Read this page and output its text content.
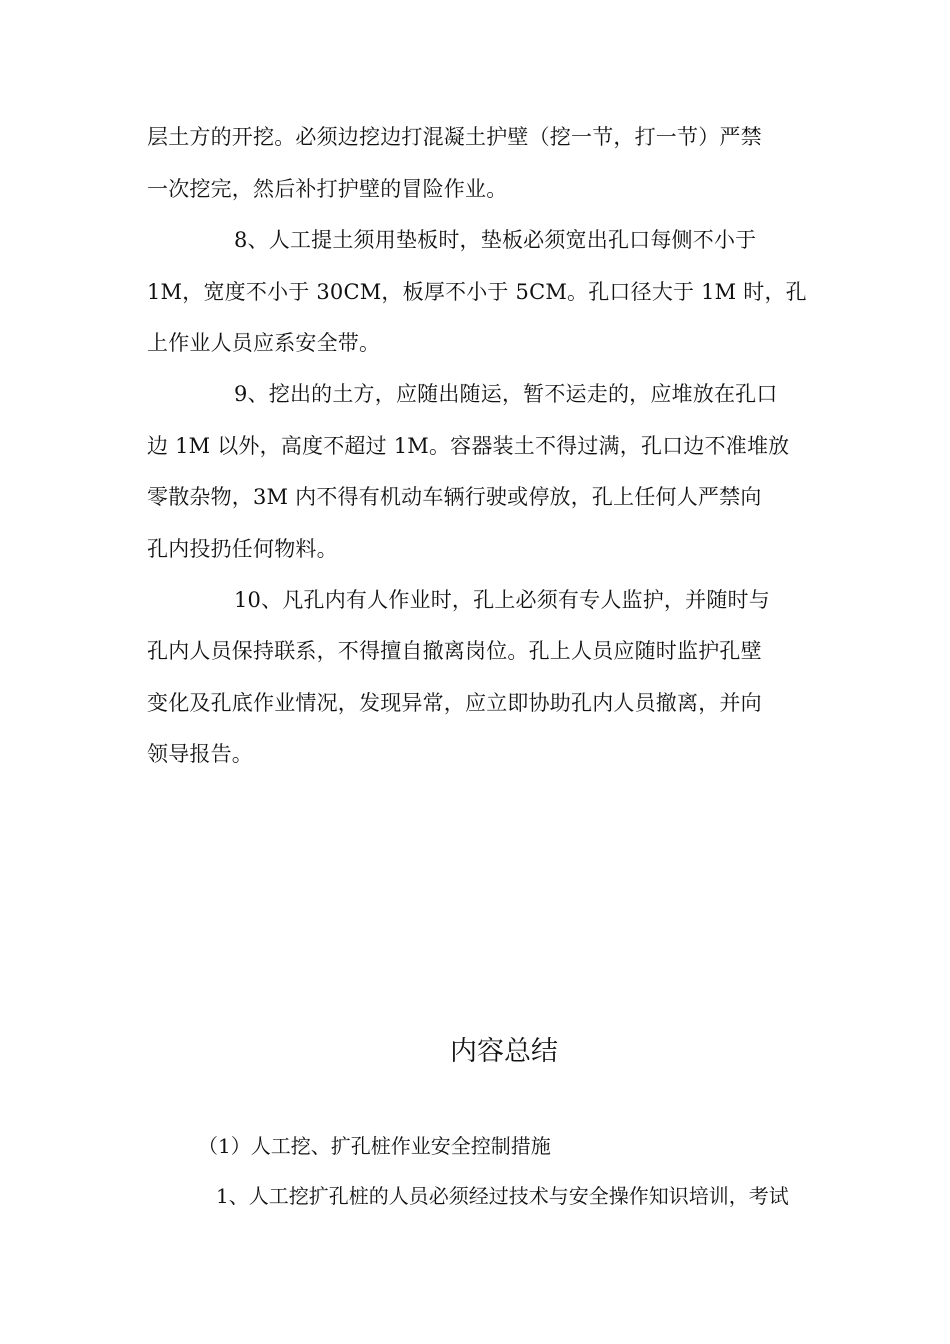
层土方的开挖。必须边挖边打混凝土护壁（挖一节，打一节）严禁
一次挖完，然后补打护壁的冒险作业。
8、人工提土须用垫板时，垫板必须宽出孔口每侧不小于
1M，宽度不小于 30CM，板厚不小于 5CM。孔口径大于 1M 时，孔
上作业人员应系安全带。
9、挖出的土方，应随出随运，暂不运走的，应堆放在孔口
边 1M 以外，高度不超过 1M。容器装土不得过满，孔口边不准堆放
零散杂物，3M 内不得有机动车辆行驶或停放，孔上任何人严禁向
孔内投扔任何物料。
10、凡孔内有人作业时，孔上必须有专人监护，并随时与
孔内人员保持联系，不得擅自撤离岗位。孔上人员应随时监护孔壁
变化及孔底作业情况，发现异常，应立即协助孔内人员撤离，并向
领导报告。
内容总结
（1）人工挖、扩孔桩作业安全控制措施
1、人工挖扩孔桩的人员必须经过技术与安全操作知识培训，考试
